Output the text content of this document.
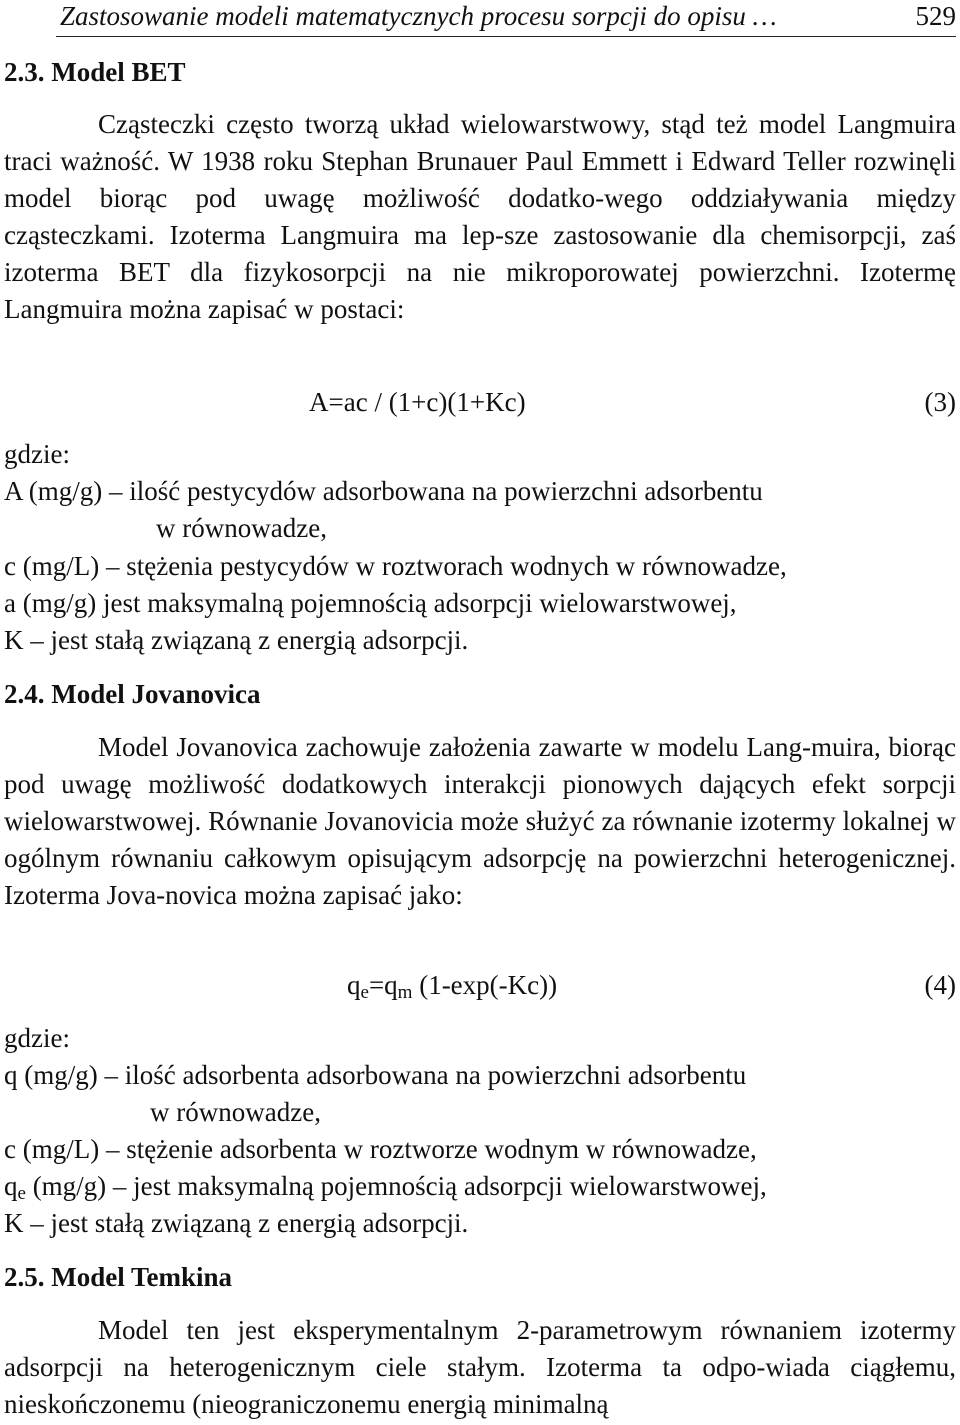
Zastosowanie modeli matematycznych procesu sorpcji do opisu …	529
2.3. Model BET
Cząsteczki często tworzą układ wielowarstwowy, stąd też model Langmuira traci ważność. W 1938 roku Stephan Brunauer Paul Emmett i Edward Teller rozwinęli model biorąc pod uwagę możliwość dodatko-wego oddziaływania między cząsteczkami. Izoterma Langmuira ma lep-sze zastosowanie dla chemisorpcji, zaś izoterma BET dla fizykosorpcji na nie mikroporowatej powierzchni. Izotermę Langmuira można zapisać w postaci:
A=ac / (1+c)(1+Kc)	(3)
gdzie:
A (mg/g) – ilość pestycydów adsorbowana na powierzchni adsorbentu
w równowadze,
c (mg/L) – stężenia pestycydów w roztworach wodnych w równowadze,
a (mg/g) jest maksymalną pojemnością adsorpcji wielowarstwowej,
K – jest stałą związaną z energią adsorpcji.
2.4. Model Jovanovica
Model Jovanovica zachowuje założenia zawarte w modelu Lang-muira, biorąc pod uwagę możliwość dodatkowych interakcji pionowych dających efekt sorpcji wielowarstwowej. Równanie Jovanovicia może służyć za równanie izotermy lokalnej w ogólnym równaniu całkowym opisującym adsorpcję na powierzchni heterogenicznej. Izoterma Jova-novica można zapisać jako:
$q_e=q_m$ (1-exp(-Kc))	(4)
gdzie:
q (mg/g) – ilość adsorbenta adsorbowana na powierzchni adsorbentu
w równowadze,
c (mg/L) – stężenie adsorbenta w roztworze wodnym w równowadze,
$q_e$ (mg/g) – jest maksymalną pojemnością adsorpcji wielowarstwowej,
K – jest stałą związaną z energią adsorpcji.
2.5. Model Temkina
Model ten jest eksperymentalnym 2-parametrowym równaniem izotermy adsorpcji na heterogenicznym ciele stałym. Izoterma ta odpo-wiada ciągłemu, nieskończonemu (nieograniczonemu energią minimalną
